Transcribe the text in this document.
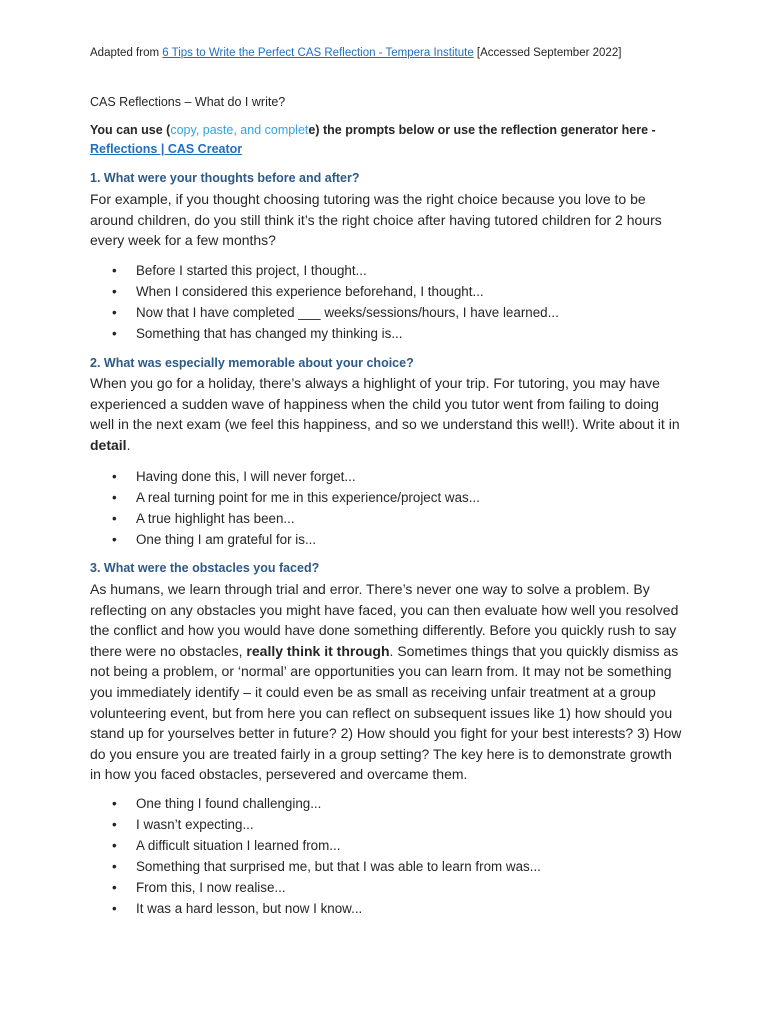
Adapted from 6 Tips to Write the Perfect CAS Reflection - Tempera Institute [Accessed September 2022]
CAS Reflections – What do I write?
You can use (copy, paste, and complete) the prompts below or use the reflection generator here -
Reflections | CAS Creator
1. What were your thoughts before and after?
For example, if you thought choosing tutoring was the right choice because you love to be around children, do you still think it’s the right choice after having tutored children for 2 hours every week for a few months?
• Before I started this project, I thought...
• When I considered this experience beforehand, I thought...
• Now that I have completed ___ weeks/sessions/hours, I have learned...
• Something that has changed my thinking is...
2. What was especially memorable about your choice?
When you go for a holiday, there’s always a highlight of your trip. For tutoring, you may have experienced a sudden wave of happiness when the child you tutor went from failing to doing well in the next exam (we feel this happiness, and so we understand this well!). Write about it in detail.
• Having done this, I will never forget...
• A real turning point for me in this experience/project was...
• A true highlight has been...
• One thing I am grateful for is...
3. What were the obstacles you faced?
As humans, we learn through trial and error. There’s never one way to solve a problem. By reflecting on any obstacles you might have faced, you can then evaluate how well you resolved the conflict and how you would have done something differently. Before you quickly rush to say there were no obstacles, really think it through. Sometimes things that you quickly dismiss as not being a problem, or ‘normal’ are opportunities you can learn from. It may not be something you immediately identify – it could even be as small as receiving unfair treatment at a group volunteering event, but from here you can reflect on subsequent issues like 1) how should you stand up for yourselves better in future? 2) How should you fight for your best interests? 3) How do you ensure you are treated fairly in a group setting? The key here is to demonstrate growth in how you faced obstacles, persevered and overcame them.
• One thing I found challenging...
• I wasn’t expecting...
• A difficult situation I learned from...
• Something that surprised me, but that I was able to learn from was...
• From this, I now realise...
• It was a hard lesson, but now I know...
